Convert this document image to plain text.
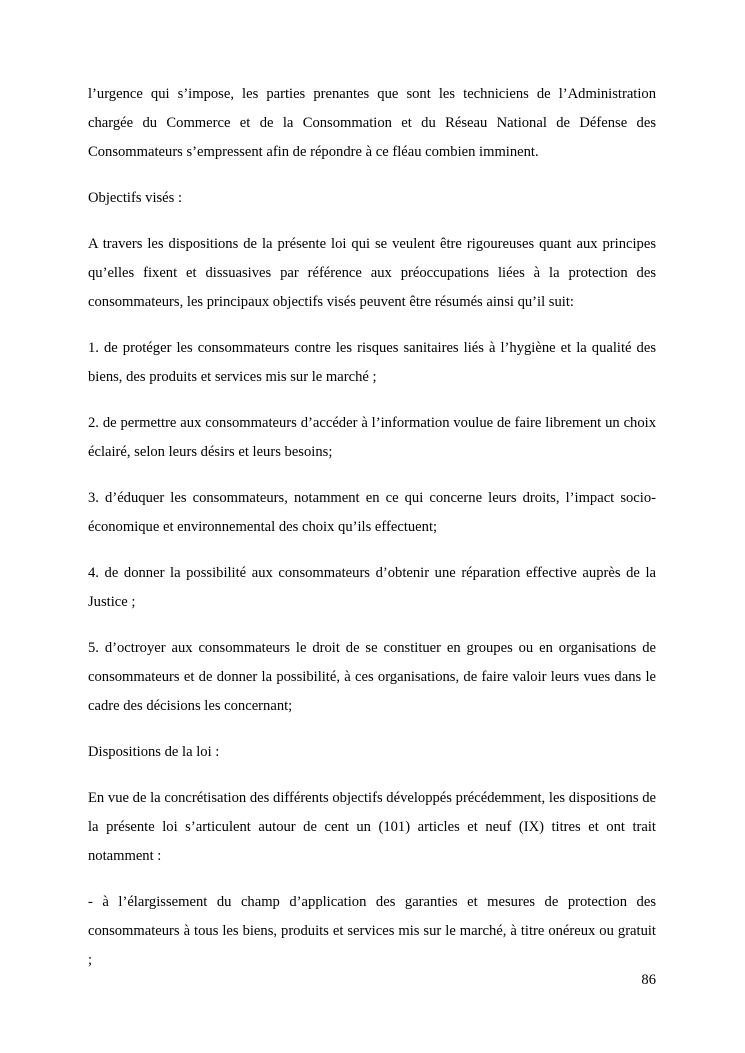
l’urgence qui s’impose, les parties prenantes que sont les techniciens de l’Administration chargée du Commerce et de la Consommation et du Réseau National de Défense des Consommateurs s’empressent afin de répondre à ce fléau combien imminent.

Objectifs visés :

A travers les dispositions de la présente loi qui se veulent être rigoureuses quant aux principes qu’elles fixent et dissuasives par référence aux préoccupations liées à la protection des consommateurs, les principaux objectifs visés peuvent être résumés ainsi qu’il suit:

1. de protéger les consommateurs contre les risques sanitaires liés à l’hygiène et la qualité des biens, des produits et services mis sur le marché ;

2. de permettre aux consommateurs d’accéder à l’information voulue de faire librement un choix éclairé, selon leurs désirs et leurs besoins;

3. d’éduquer les consommateurs, notamment en ce qui concerne leurs droits, l’impact socio-économique et environnemental des choix qu’ils effectuent;

4. de donner la possibilité aux consommateurs d’obtenir une réparation effective auprès de la Justice ;

5. d’octroyer aux consommateurs le droit de se constituer en groupes ou en organisations de consommateurs et de donner la possibilité, à ces organisations, de faire valoir leurs vues dans le cadre des décisions les concernant;

Dispositions de la loi :

En vue de la concrétisation des différents objectifs développés précédemment, les dispositions de la présente loi s’articulent autour de cent un (101) articles et neuf (IX) titres et ont trait notamment :

- à l’élargissement du champ d’application des garanties et mesures de protection des consommateurs à tous les biens, produits et services mis sur le marché, à titre onéreux ou gratuit ;

86
